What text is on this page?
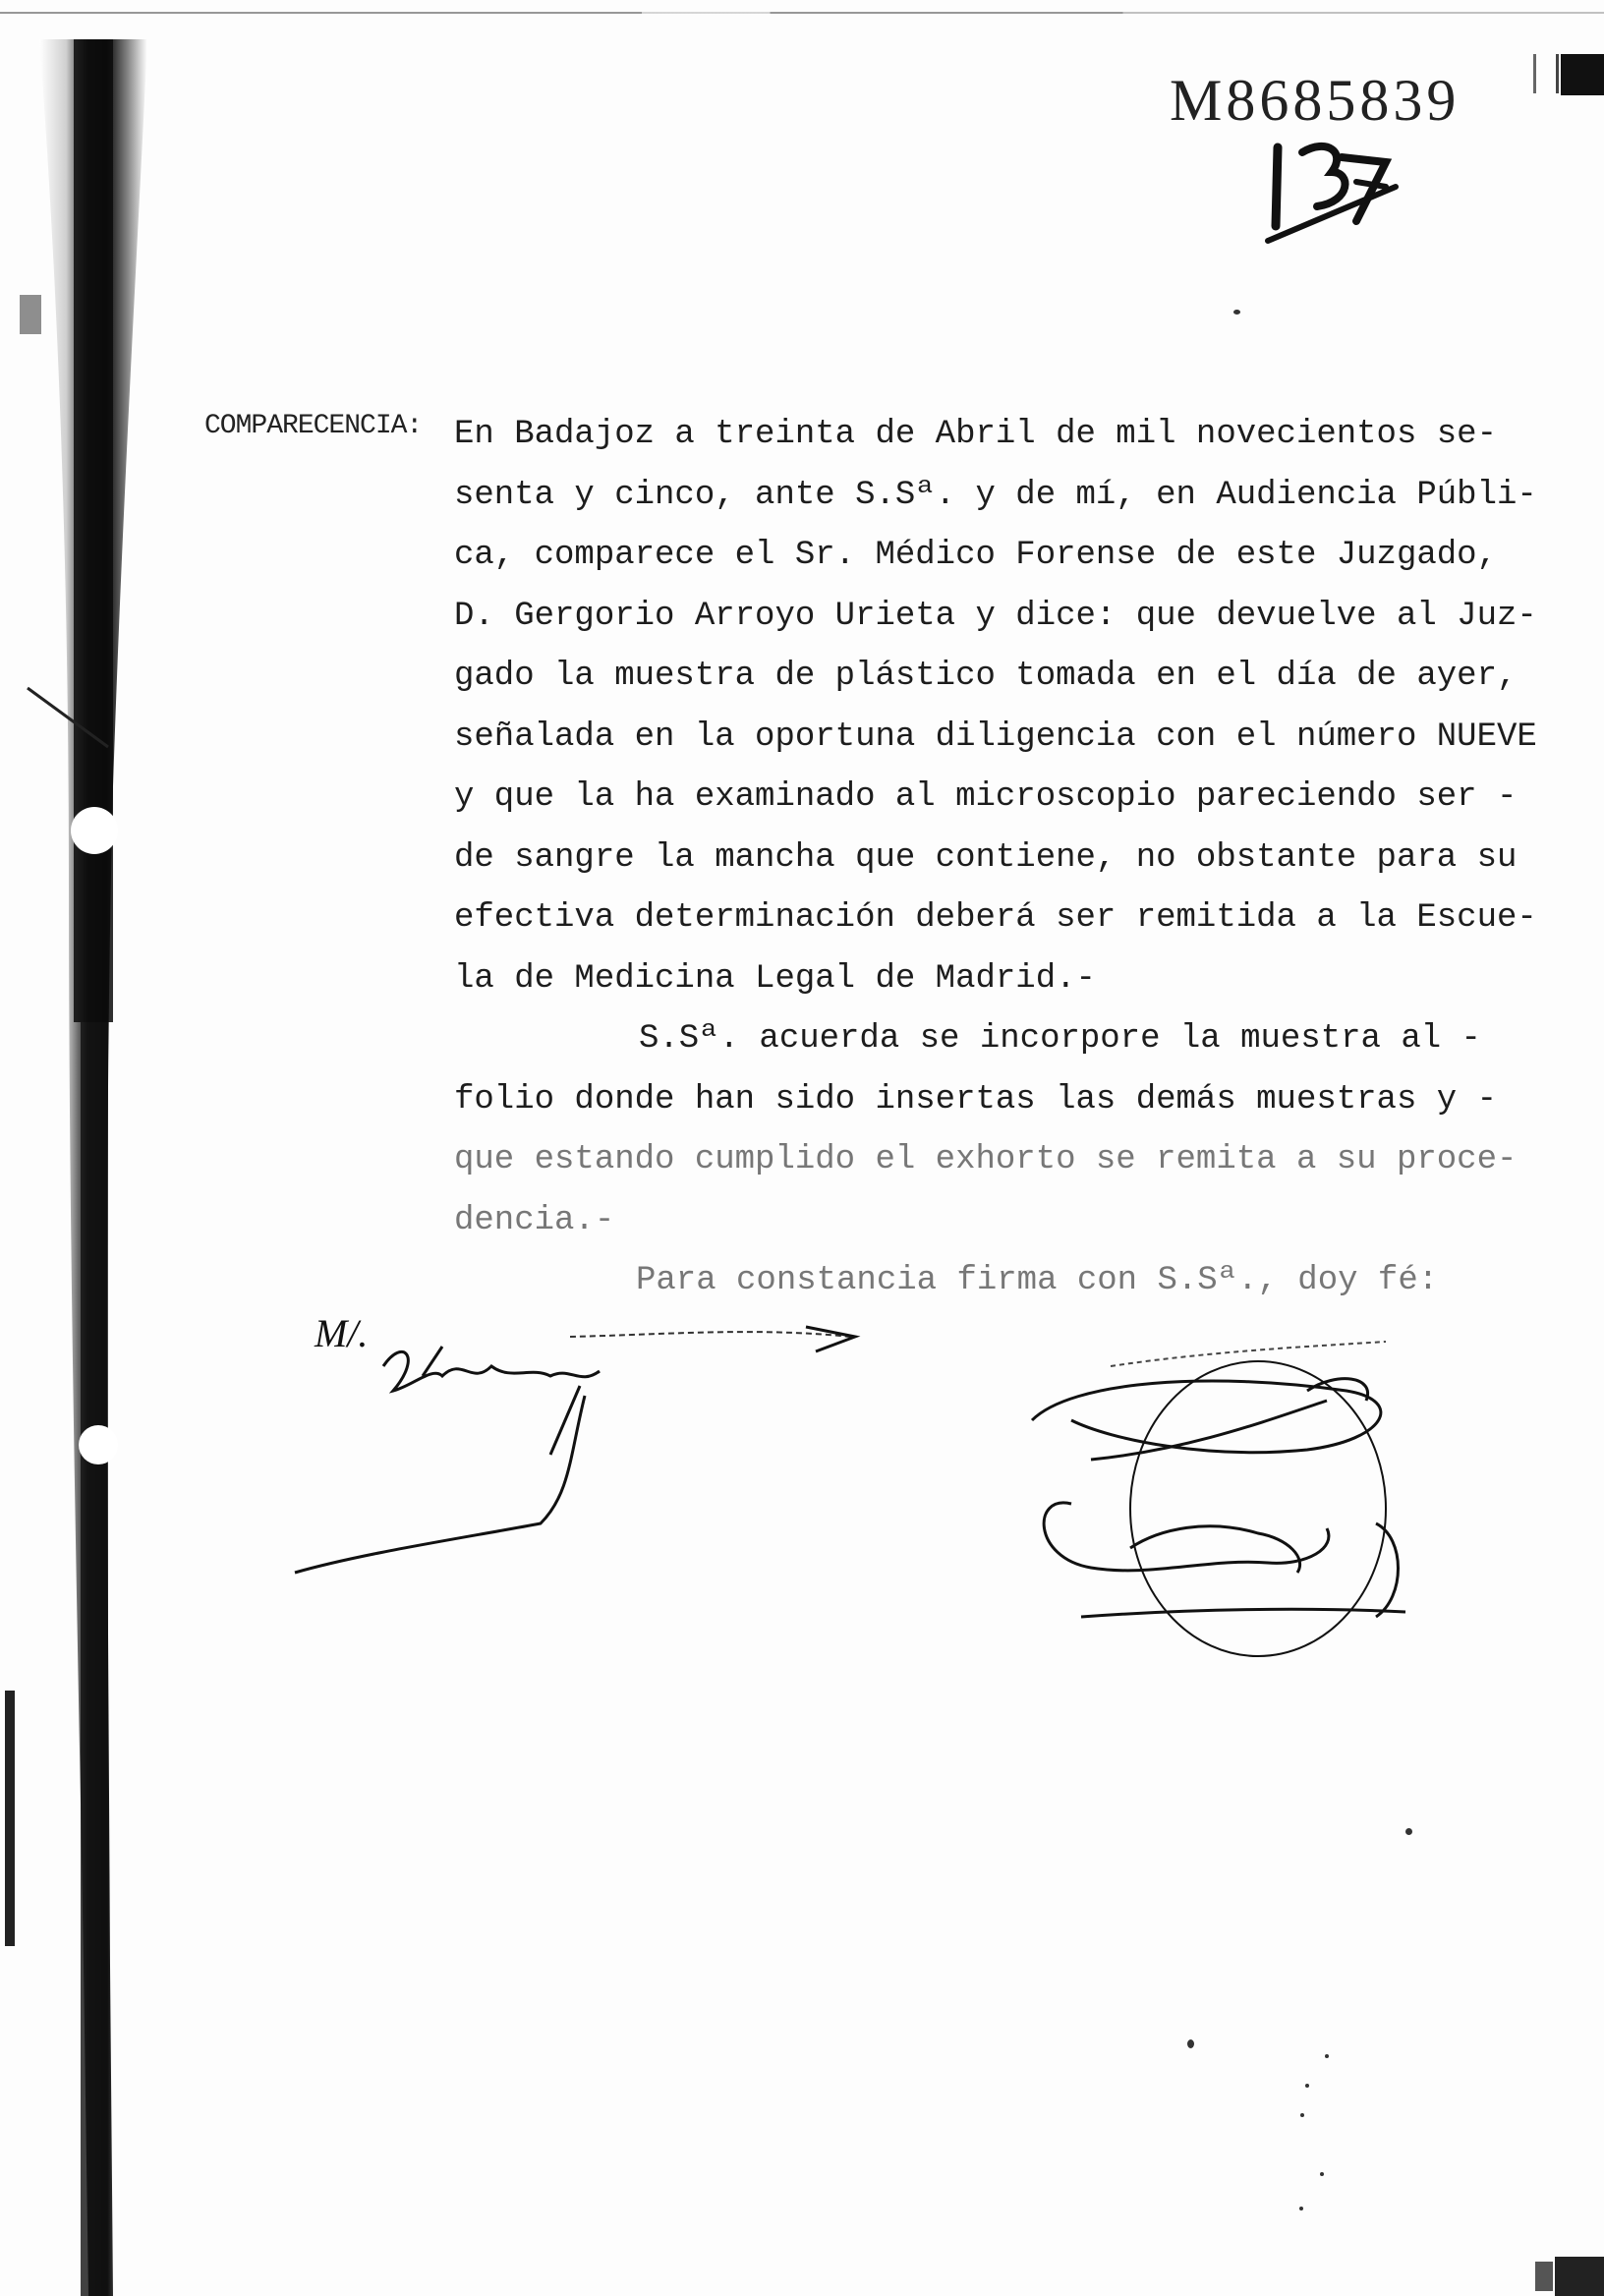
M8685839
COMPARECENCIA: En Badajoz a treinta de Abril de mil novecientos se-
senta y cinco, ante S.Sª. y de mí, en Audiencia Públi-
ca, comparece el Sr. Médico Forense de este Juzgado,
D. Gergorio Arroyo Urieta y dice: que devuelve al Juz-
gado la muestra de plástico tomada en el día de ayer,
señalada en la oportuna diligencia con el número NUEVE
y que la ha examinado al microscopio pareciendo ser -
de sangre la mancha que contiene, no obstante para su
efectiva determinación deberá ser remitida a la Escue-
la de Medicina Legal de Madrid.-
S.Sª. acuerda se incorpore la muestra al -
folio donde han sido insertas las demás muestras y -
que estando cumplido el exhorto se remita a su proce-
dencia.-
Para constancia firma con S.Sª., doy fé:
M/.
